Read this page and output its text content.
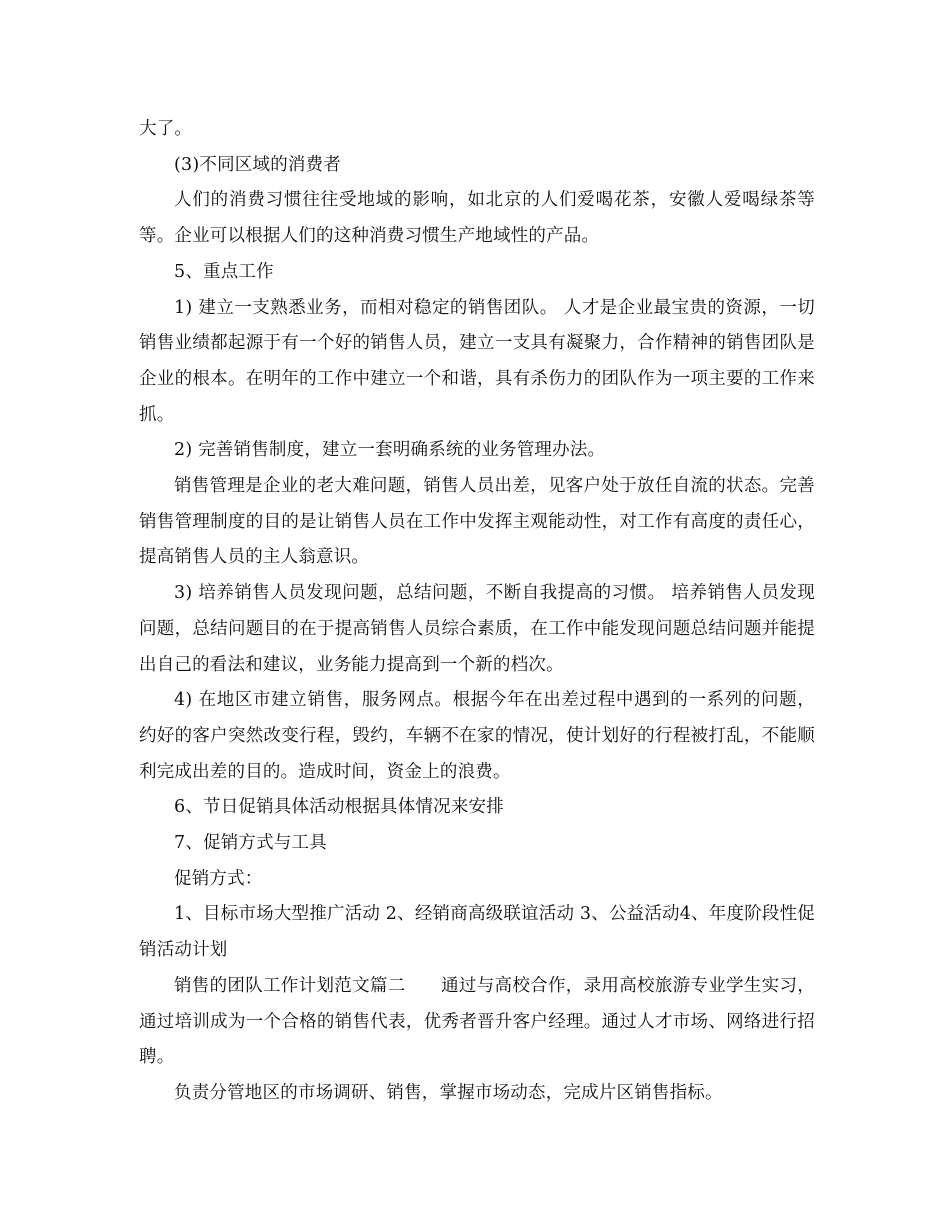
大了。

(3)不同区域的消费者

人们的消费习惯往往受地域的影响，如北京的人们爱喝花茶，安徽人爱喝绿茶等等。企业可以根据人们的这种消费习惯生产地域性的产品。

5、重点工作

1) 建立一支熟悉业务，而相对稳定的销售团队。 人才是企业最宝贵的资源，一切销售业绩都起源于有一个好的销售人员，建立一支具有凝聚力，合作精神的销售团队是企业的根本。在明年的工作中建立一个和谐，具有杀伤力的团队作为一项主要的工作来抓。

2) 完善销售制度，建立一套明确系统的业务管理办法。

销售管理是企业的老大难问题，销售人员出差，见客户处于放任自流的状态。完善销售管理制度的目的是让销售人员在工作中发挥主观能动性，对工作有高度的责任心，提高销售人员的主人翁意识。

3) 培养销售人员发现问题，总结问题，不断自我提高的习惯。 培养销售人员发现问题，总结问题目的在于提高销售人员综合素质，在工作中能发现问题总结问题并能提出自己的看法和建议，业务能力提高到一个新的档次。

4) 在地区市建立销售，服务网点。根据今年在出差过程中遇到的一系列的问题，约好的客户突然改变行程，毁约，车辆不在家的情况，使计划好的行程被打乱，不能顺利完成出差的目的。造成时间，资金上的浪费。

6、节日促销具体活动根据具体情况来安排

7、促销方式与工具

促销方式：

1、目标市场大型推广活动 2、经销商高级联谊活动 3、公益活动4、年度阶段性促销活动计划

销售的团队工作计划范文篇二　　通过与高校合作，录用高校旅游专业学生实习，通过培训成为一个合格的销售代表，优秀者晋升客户经理。通过人才市场、网络进行招聘。

负责分管地区的市场调研、销售，掌握市场动态，完成片区销售指标。
